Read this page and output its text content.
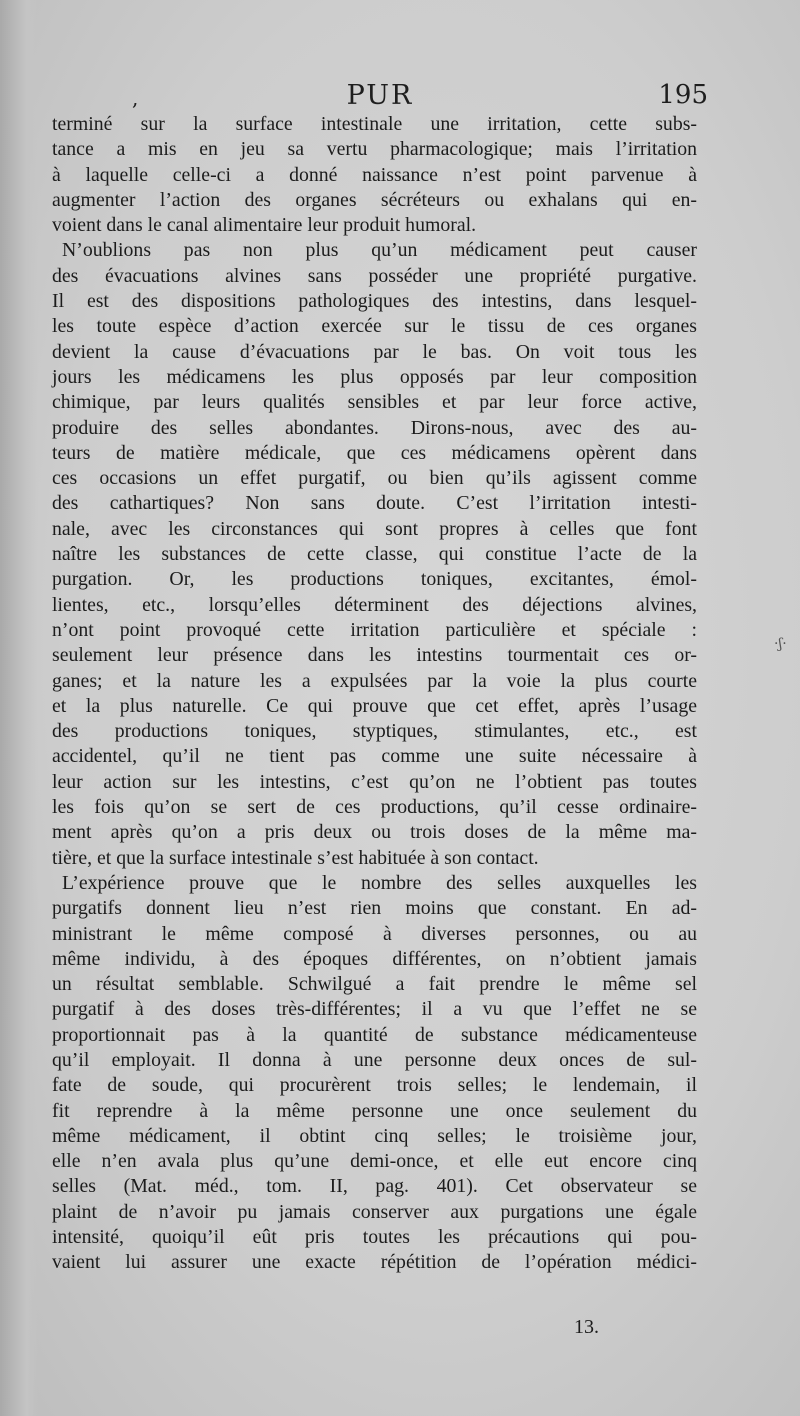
,	PUR	195
terminé sur la surface intestinale une irritation, cette subs-
tance a mis en jeu sa vertu pharmacologique; mais l’irritation
à laquelle celle-ci a donné naissance n’est point parvenue à
augmenter l’action des organes sécréteurs ou exhalans qui en-
voient dans le canal alimentaire leur produit humoral.
N’oublions pas non plus qu’un médicament peut causer
des évacuations alvines sans posséder une propriété purgative.
Il est des dispositions pathologiques des intestins, dans lesquel-
les toute espèce d’action exercée sur le tissu de ces organes
devient la cause d’évacuations par le bas. On voit tous les
jours les médicamens les plus opposés par leur composition
chimique, par leurs qualités sensibles et par leur force active,
produire des selles abondantes. Dirons-nous, avec des au-
teurs de matière médicale, que ces médicamens opèrent dans
ces occasions un effet purgatif, ou bien qu’ils agissent comme
des cathartiques? Non sans doute. C’est l’irritation intesti-
nale, avec les circonstances qui sont propres à celles que font
naître les substances de cette classe, qui constitue l’acte de la
purgation. Or, les productions toniques, excitantes, émol-
lientes, etc., lorsqu’elles déterminent des déjections alvines,
n’ont point provoqué cette irritation particulière et spéciale :
seulement leur présence dans les intestins tourmentait ces or-
ganes; et la nature les a expulsées par la voie la plus courte
et la plus naturelle. Ce qui prouve que cet effet, après l’usage
des productions toniques, styptiques, stimulantes, etc., est
accidentel, qu’il ne tient pas comme une suite nécessaire à
leur action sur les intestins, c’est qu’on ne l’obtient pas toutes
les fois qu’on se sert de ces productions, qu’il cesse ordinaire-
ment après qu’on a pris deux ou trois doses de la même ma-
tière, et que la surface intestinale s’est habituée à son contact.
L’expérience prouve que le nombre des selles auxquelles les
purgatifs donnent lieu n’est rien moins que constant. En ad-
ministrant le même composé à diverses personnes, ou au
même individu, à des époques différentes, on n’obtient jamais
un résultat semblable. Schwilgué a fait prendre le même sel
purgatif à des doses très-différentes; il a vu que l’effet ne se
proportionnait pas à la quantité de substance médicamenteuse
qu’il employait. Il donna à une personne deux onces de sul-
fate de soude, qui procurèrent trois selles; le lendemain, il
fit reprendre à la même personne une once seulement du
même médicament, il obtint cinq selles; le troisième jour,
elle n’en avala plus qu’une demi-once, et elle eut encore cinq
selles (Mat. méd., tom. II, pag. 401). Cet observateur se
plaint de n’avoir pu jamais conserver aux purgations une égale
intensité, quoiqu’il eût pris toutes les précautions qui pou-
vaient lui assurer une exacte répétition de l’opération médici-
13.
·ʃ·
